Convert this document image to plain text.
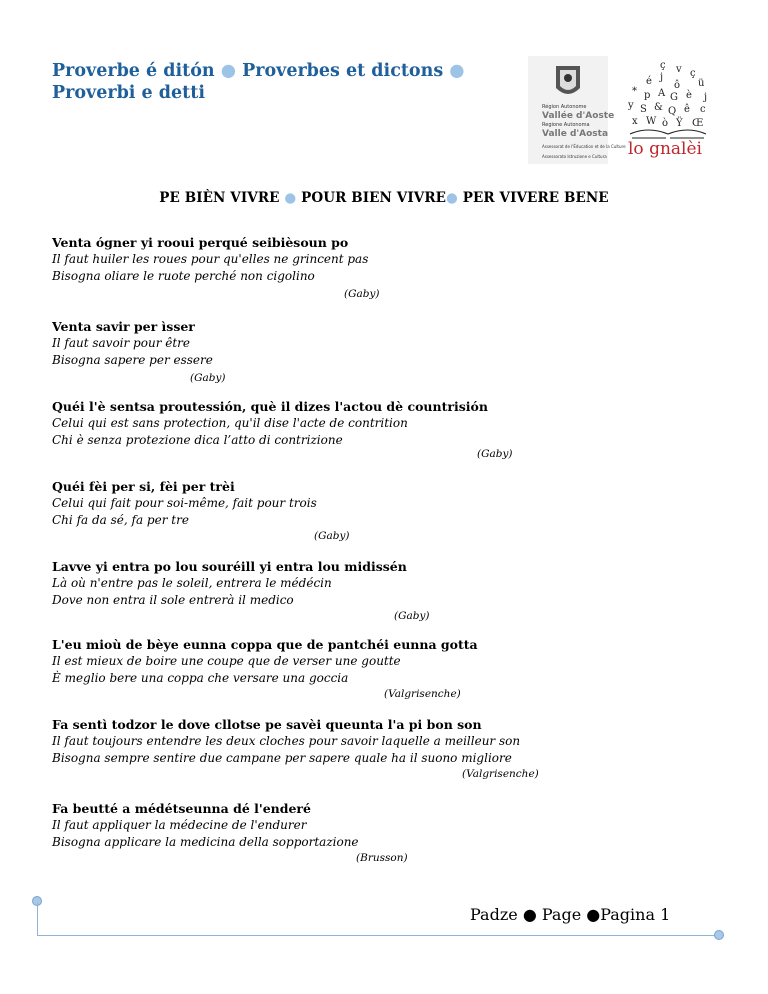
Proverbe é ditón ● Proverbes et dictons ●
Proverbi e detti
Région Autonome
Vallée d'Aoste
Regione Autonoma
Valle d'Aosta
Assessorat de l'Éducation et de la Culture
Assessorato Istruzione e Cultura
ç v ç
é j
ô ü
* p A G è j
y S & Q ê c
x W ò Ÿ Œ
lo gnalèi
PE BIÈN VIVRE ● POUR BIEN VIVRE● PER VIVERE BENE
Venta ógner yi rooui perqué seibièsoun po
Il faut huiler les roues pour qu'elles ne grincent pas
Bisogna oliare le ruote perché non cigolino
(Gaby)
Venta savir per ìsser
Il faut savoir pour être
Bisogna sapere per essere
(Gaby)
Quéi l'è sentsa proutessión, què il dizes l'actou dè countrisión
Celui qui est sans protection, qu'il dise l'acte de contrition
Chi è senza protezione dica l’atto di contrizione
(Gaby)
Quéi fèi per si, fèi per trèi
Celui qui fait pour soi-même, fait pour trois
Chi fa da sé, fa per tre
(Gaby)
Lavve yi entra po lou souréill yi entra lou midissén
Là où n'entre pas le soleil, entrera le médécin
Dove non entra il sole entrerà il medico
(Gaby)
L'eu mioù de bèye eunna coppa que de pantchéi eunna gotta
Il est mieux de boire une coupe que de verser une goutte
È meglio bere una coppa che versare una goccia
(Valgrisenche)
Fa sentì todzor le dove cllotse pe savèi queunta l'a pi bon son
Il faut toujours entendre les deux cloches pour savoir laquelle a meilleur son
Bisogna sempre sentire due campane per sapere quale ha il suono migliore
(Valgrisenche)
Fa beutté a médétseunna dé l'enderé
Il faut appliquer la médecine de l'endurer
Bisogna applicare la medicina della sopportazione
(Brusson)
Padze ● Page ●Pagina 1
